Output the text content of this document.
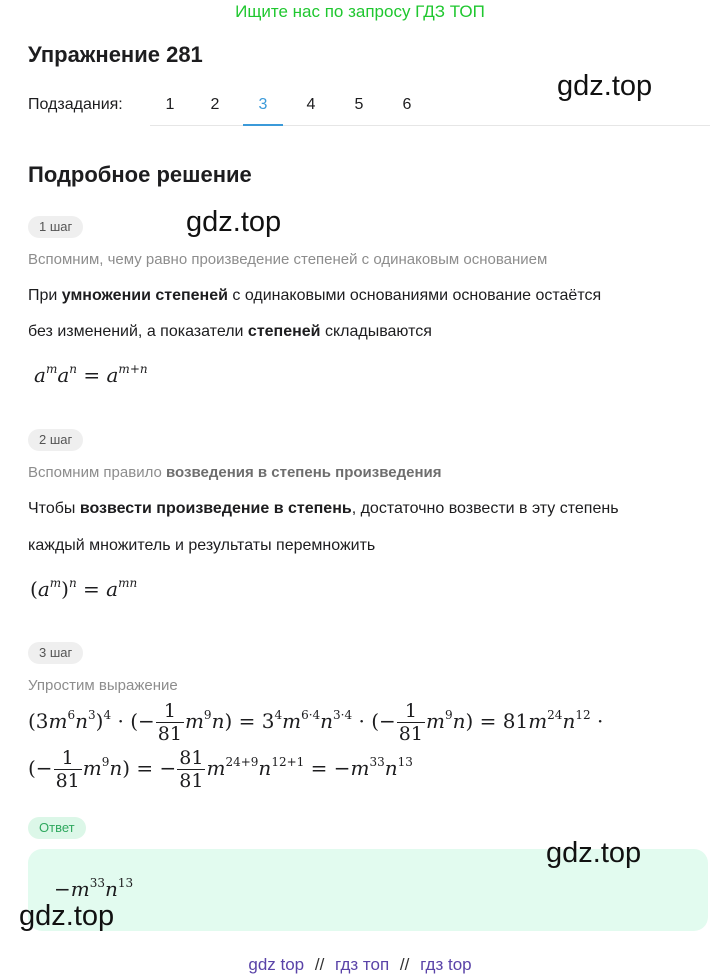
Ищите нас по запросу ГДЗ ТОП
Упражнение 281
gdz.top
Подзадания:	1	2	3	4	5	6
Подробное решение
gdz.top
1 шаг
Вспомним, чему равно произведение степеней с одинаковым основанием
При умножении степеней с одинаковыми основаниями основание остаётся
без изменений, а показатели степеней складываются
$a^ma^n = a^{m+n}$
2 шаг
Вспомним правило возведения в степень произведения
Чтобы возвести произведение в степень, достаточно возвести в эту степень
каждый множитель и результаты перемножить
$(a^m)^n = a^{mn}$
3 шаг
Упростим выражение
$(3m^6n^3)^4$ · (− $\frac{1}{81} m^9n) = 3^4m^{6\cdot 4}n^{3\cdot 4}$ · (− $\frac{1}{81} m^9n) = 81m^{24}n^{12}$ ·
(− $\frac{1}{81} m^9n$) = − $\frac{81}{81} m^{24+9}n^{12+1} = -m^{33}n^{13}$
Ответ
$-m^{33}n^{13}$
gdz.top
gdz.top
gdz top // гдз топ // гдз top
